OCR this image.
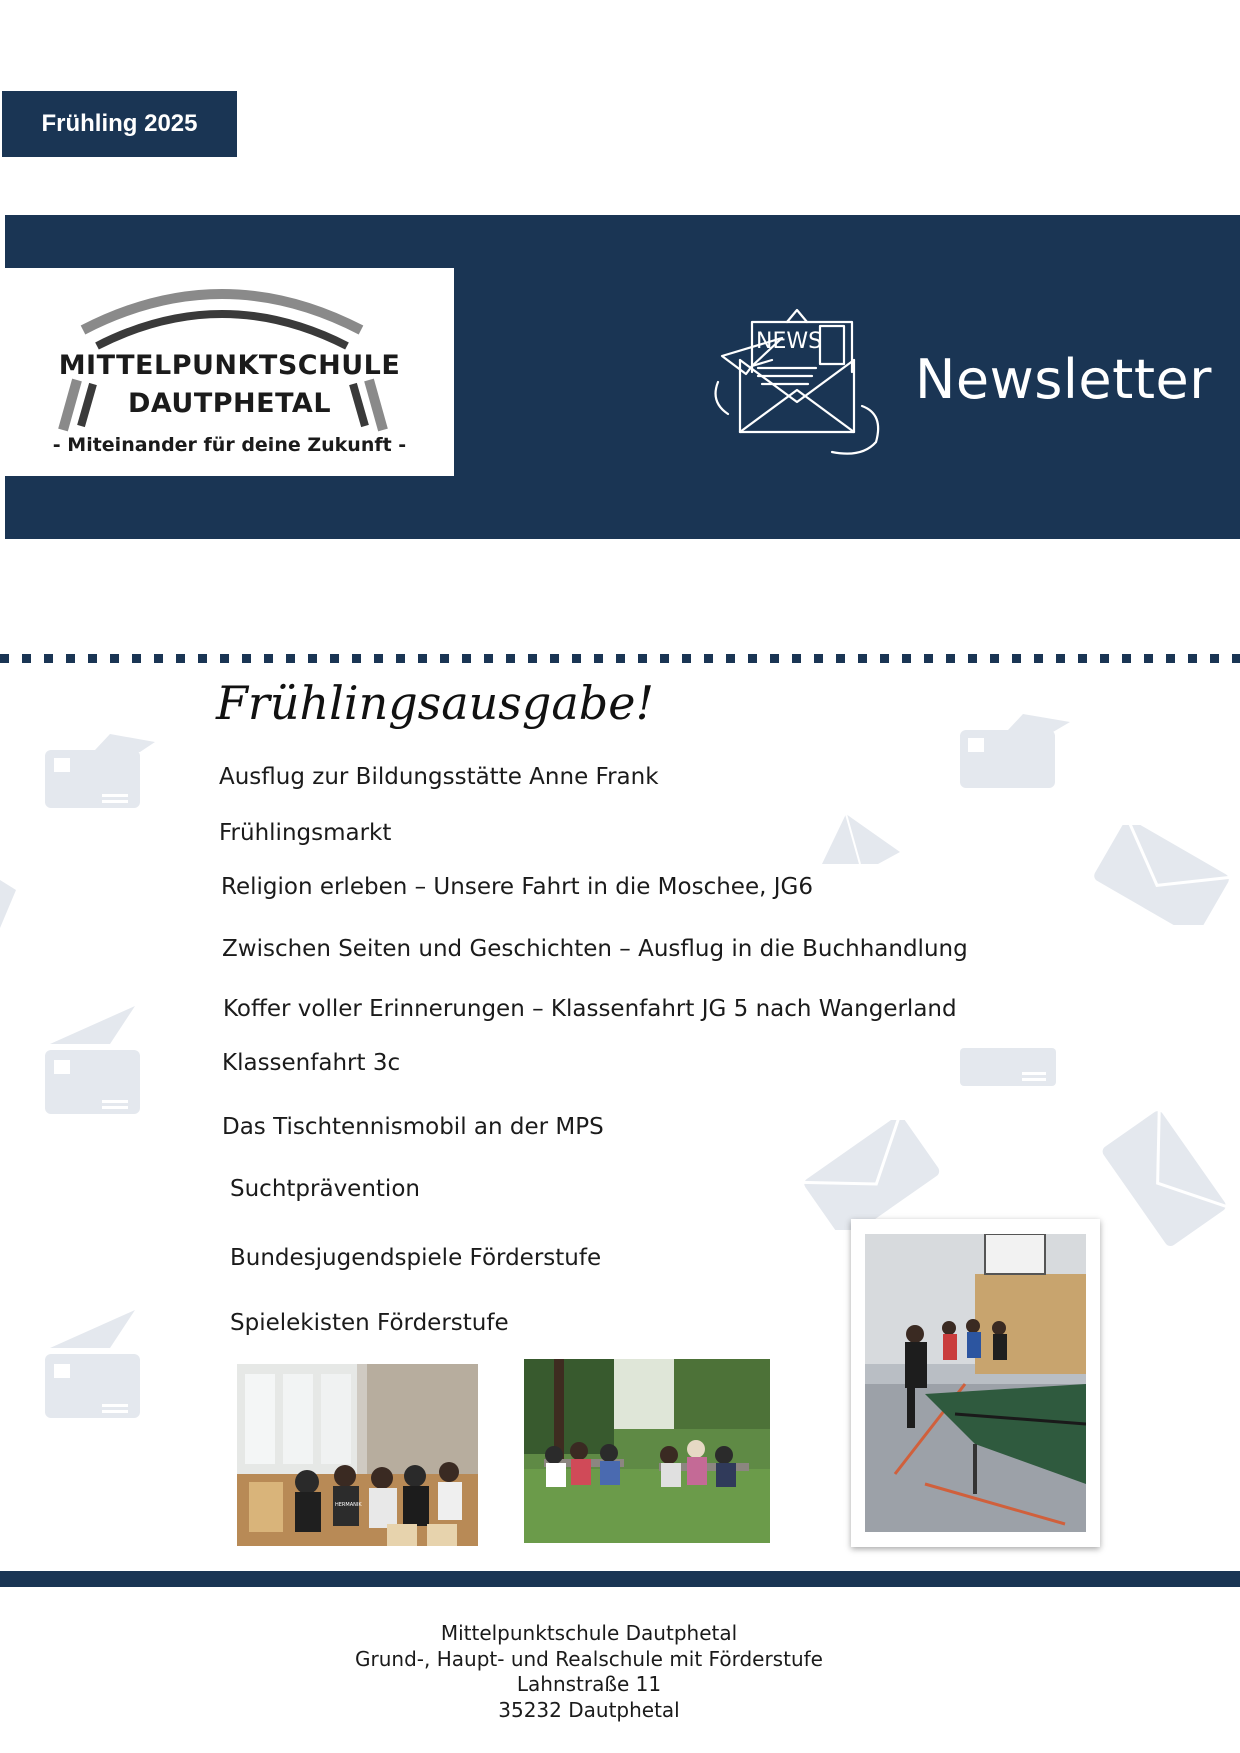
Frühling 2025
MITTELPUNKTSCHULE
DAUTPHETAL
- Miteinander für deine Zukunft -
NEWS
Newsletter
Frühlingsausgabe!
Ausflug zur Bildungsstätte Anne Frank
Frühlingsmarkt
Religion erleben – Unsere Fahrt in die Moschee, JG6
Zwischen Seiten und Geschichten – Ausflug in die Buchhandlung
Koffer voller Erinnerungen – Klassenfahrt JG 5 nach Wangerland
Klassenfahrt 3c
Das Tischtennismobil an der MPS
Suchtprävention
Bundesjugendspiele Förderstufe
Spielekisten Förderstufe
HERMANIK
Mittelpunktschule Dautphetal
Grund-, Haupt- und Realschule mit Förderstufe
Lahnstraße 11
35232 Dautphetal
